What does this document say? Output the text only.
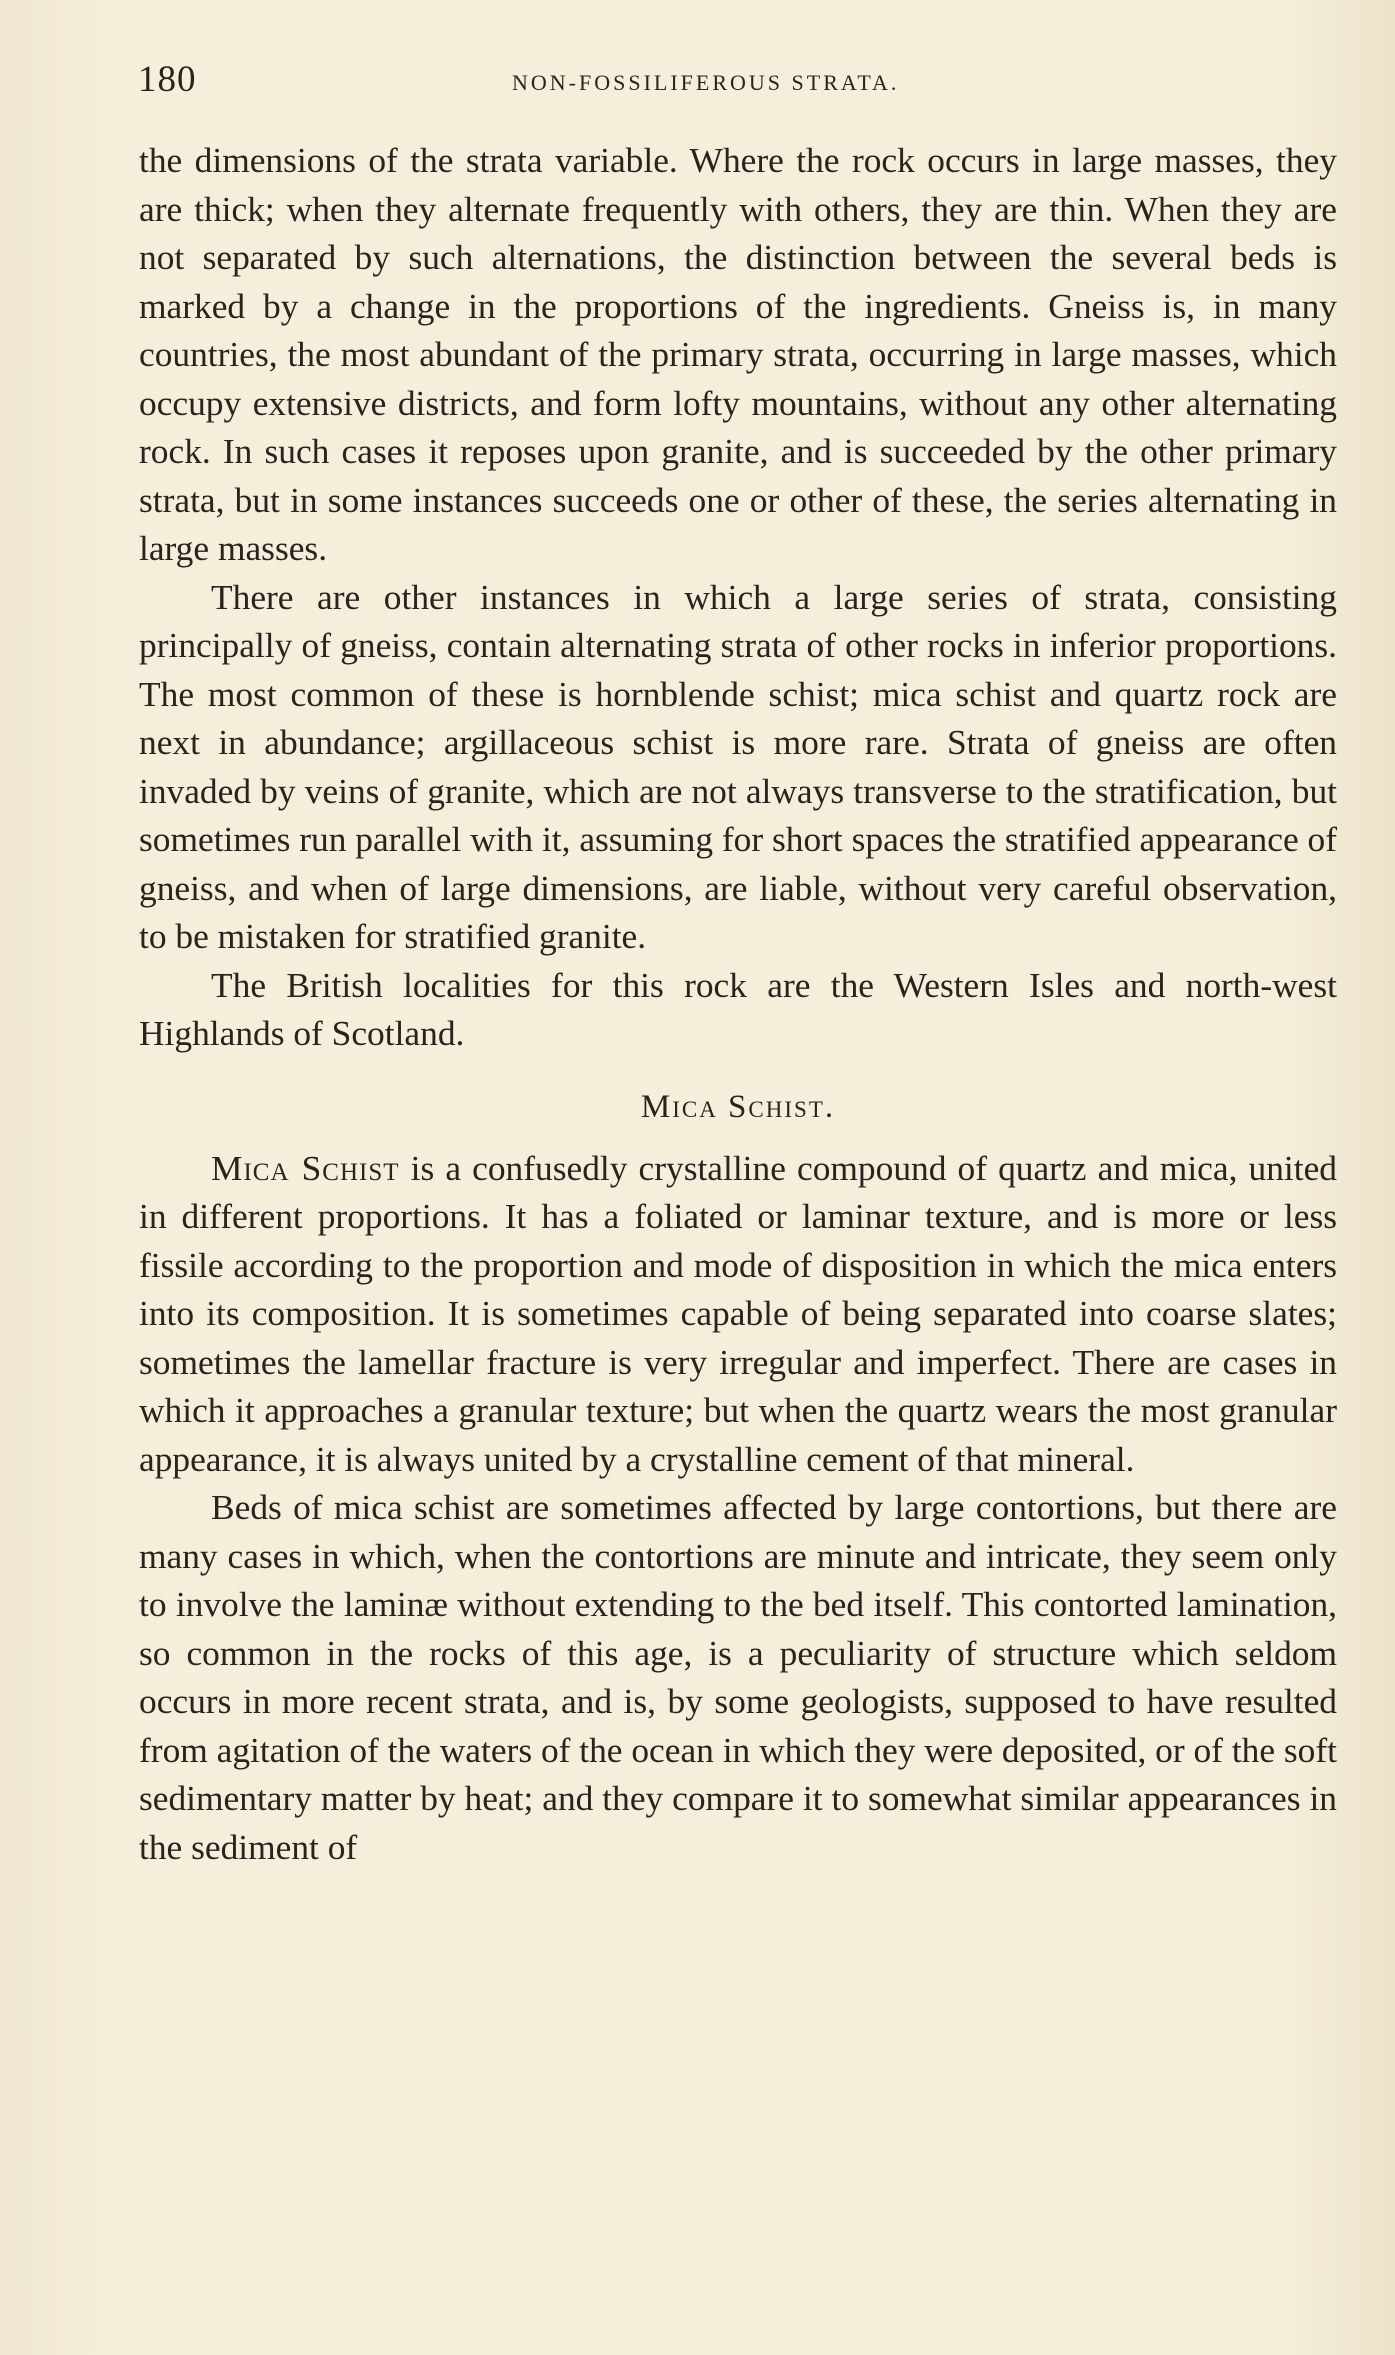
180	NON-FOSSILIFEROUS STRATA.

the dimensions of the strata variable. Where the rock occurs in large masses, they are thick; when they alternate frequently with others, they are thin. When they are not separated by such alternations, the distinction between the several beds is marked by a change in the proportions of the ingredients. Gneiss is, in many countries, the most abundant of the primary strata, occurring in large masses, which occupy extensive districts, and form lofty mountains, without any other alternating rock. In such cases it reposes upon granite, and is succeeded by the other primary strata, but in some instances succeeds one or other of these, the series alternating in large masses.

There are other instances in which a large series of strata, consisting principally of gneiss, contain alternating strata of other rocks in inferior proportions. The most common of these is hornblende schist; mica schist and quartz rock are next in abundance; argillaceous schist is more rare. Strata of gneiss are often invaded by veins of granite, which are not always transverse to the stratification, but sometimes run parallel with it, assuming for short spaces the stratified appearance of gneiss, and when of large dimensions, are liable, without very careful observation, to be mistaken for stratified granite.

The British localities for this rock are the Western Isles and north-west Highlands of Scotland.

Mica Schist.

Mica Schist is a confusedly crystalline compound of quartz and mica, united in different proportions. It has a foliated or laminar texture, and is more or less fissile according to the proportion and mode of disposition in which the mica enters into its composition. It is sometimes capable of being separated into coarse slates; sometimes the lamellar fracture is very irregular and imperfect. There are cases in which it approaches a granular texture; but when the quartz wears the most granular appearance, it is always united by a crystalline cement of that mineral.

Beds of mica schist are sometimes affected by large contortions, but there are many cases in which, when the contortions are minute and intricate, they seem only to involve the laminæ without extending to the bed itself. This contorted lamination, so common in the rocks of this age, is a peculiarity of structure which seldom occurs in more recent strata, and is, by some geologists, supposed to have resulted from agitation of the waters of the ocean in which they were deposited, or of the soft sedimentary matter by heat; and they compare it to somewhat similar appearances in the sediment of
